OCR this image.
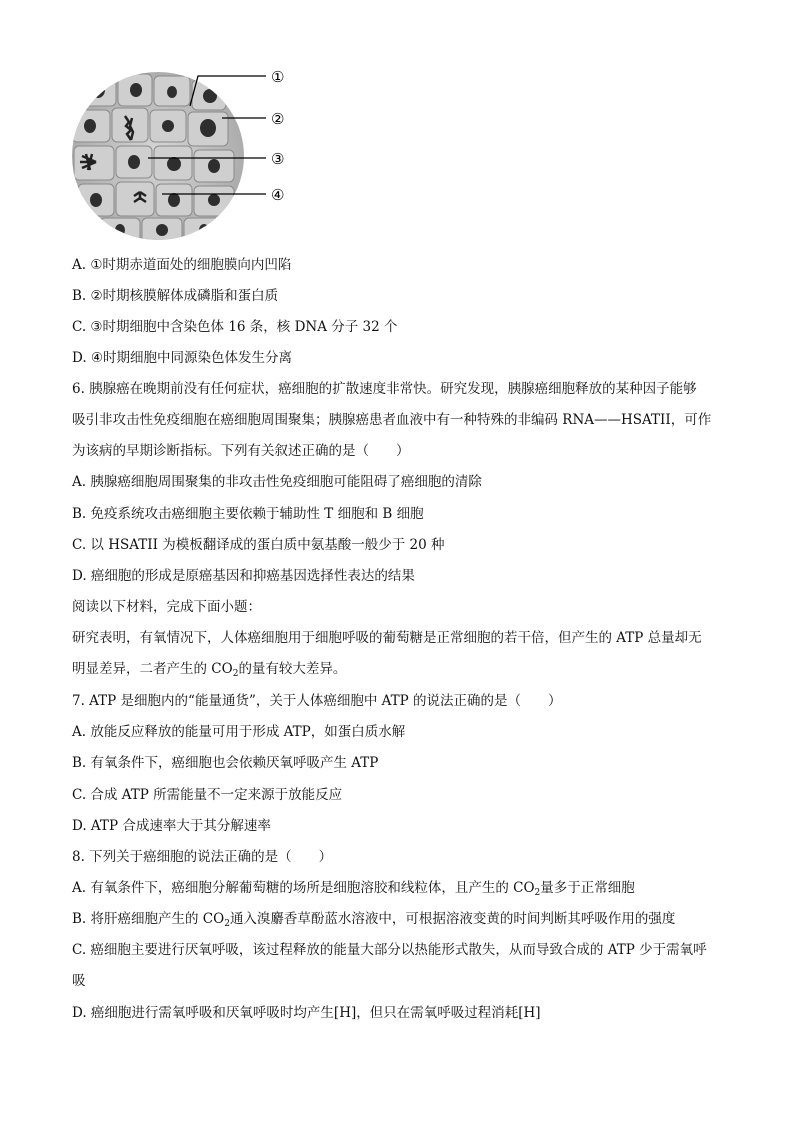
①
②
③
④
A. ①时期赤道面处的细胞膜向内凹陷
B. ②时期核膜解体成磷脂和蛋白质
C. ③时期细胞中含染色体 16 条，核 DNA 分子 32 个
D. ④时期细胞中同源染色体发生分离
6. 胰腺癌在晚期前没有任何症状，癌细胞的扩散速度非常快。研究发现，胰腺癌细胞释放的某种因子能够
吸引非攻击性免疫细胞在癌细胞周围聚集；胰腺癌患者血液中有一种特殊的非编码 RNA——HSATII，可作
为该病的早期诊断指标。下列有关叙述正确的是（　　）
A. 胰腺癌细胞周围聚集的非攻击性免疫细胞可能阻碍了癌细胞的清除
B. 免疫系统攻击癌细胞主要依赖于辅助性 T 细胞和 B 细胞
C. 以 HSATII 为模板翻译成的蛋白质中氨基酸一般少于 20 种
D. 癌细胞的形成是原癌基因和抑癌基因选择性表达的结果
阅读以下材料，完成下面小题：
研究表明，有氧情况下，人体癌细胞用于细胞呼吸的葡萄糖是正常细胞的若干倍，但产生的 ATP 总量却无
明显差异，二者产生的 $CO_2$的量有较大差异。
7. ATP 是细胞内的“能量通货”，关于人体癌细胞中 ATP 的说法正确的是（　　）
A. 放能反应释放的能量可用于形成 ATP，如蛋白质水解
B. 有氧条件下，癌细胞也会依赖厌氧呼吸产生 ATP
C. 合成 ATP 所需能量不一定来源于放能反应
D. ATP 合成速率大于其分解速率
8. 下列关于癌细胞的说法正确的是（　　）
A. 有氧条件下，癌细胞分解葡萄糖的场所是细胞溶胶和线粒体，且产生的 $CO_2$量多于正常细胞
B. 将肝癌细胞产生的 $CO_2$通入溴麝香草酚蓝水溶液中，可根据溶液变黄的时间判断其呼吸作用的强度
C. 癌细胞主要进行厌氧呼吸，该过程释放的能量大部分以热能形式散失，从而导致合成的 ATP 少于需氧呼
吸
D. 癌细胞进行需氧呼吸和厌氧呼吸时均产生[H]，但只在需氧呼吸过程消耗[H]
